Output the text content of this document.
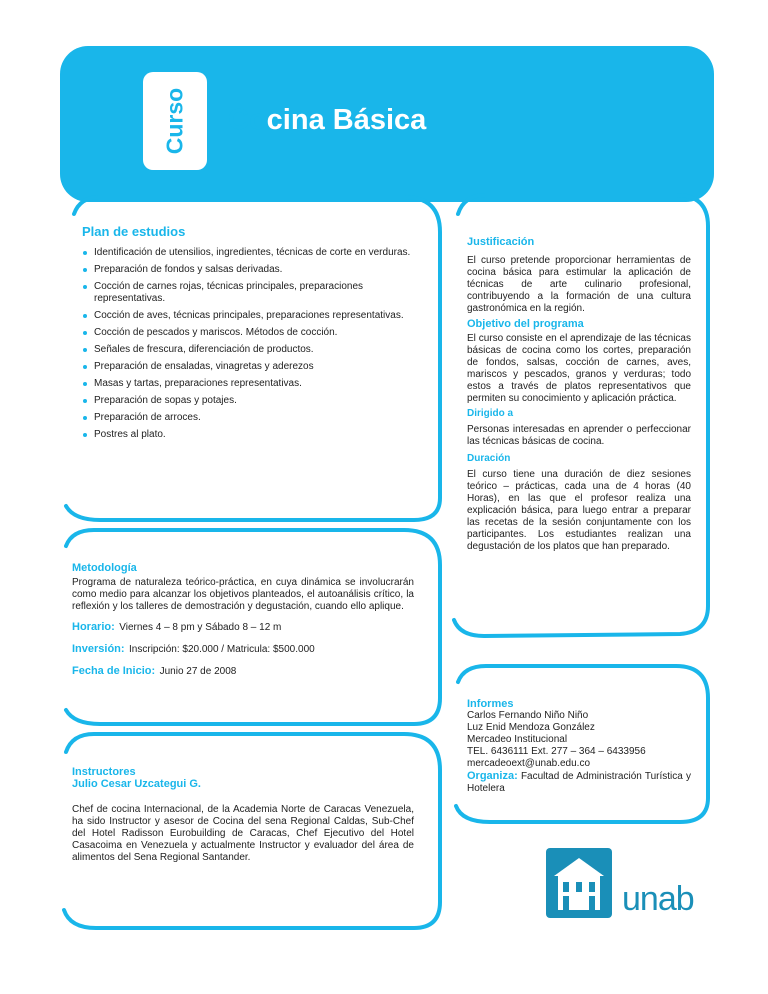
Curso Cocina Básica
Plan de estudios
Identificación de utensilios, ingredientes, técnicas de corte en verduras.
Preparación de fondos y salsas derivadas.
Cocción de carnes rojas, técnicas principales, preparaciones representativas.
Cocción de aves, técnicas principales, preparaciones representativas.
Cocción de pescados y mariscos. Métodos de cocción.
Señales de frescura, diferenciación de productos.
Preparación de ensaladas, vinagretas y aderezos
Masas y tartas, preparaciones representativas.
Preparación de sopas y potajes.
Preparación de arroces.
Postres al plato.
Metodología
Programa de naturaleza teórico-práctica, en cuya dinámica se involucrarán como medio para alcanzar los objetivos planteados, el autoanálisis crítico, la reflexión y los talleres de demostración y degustación, cuando ello aplique.
Horario: Viernes 4 – 8 pm y Sábado 8 – 12 m
Inversión: Inscripción: $20.000 / Matricula: $500.000
Fecha de Inicio: Junio 27 de 2008
Instructores
Julio Cesar Uzcategui G.
Chef de cocina Internacional, de la Academia Norte de Caracas Venezuela, ha sido Instructor y asesor de Cocina del sena Regional Caldas, Sub-Chef del Hotel Radisson Eurobuilding de Caracas, Chef Ejecutivo del Hotel Casacoima en Venezuela y actualmente Instructor y evaluador del área de alimentos del Sena Regional Santander.
Justificación
El curso pretende proporcionar herramientas de cocina básica para estimular la aplicación de técnicas de arte culinario profesional, contribuyendo a la formación de una cultura gastronómica en la región.
Objetivo del programa
El curso consiste en el aprendizaje de las técnicas básicas de cocina como los cortes, preparación de fondos, salsas, cocción de carnes, aves, mariscos y pescados, granos y verduras; todo estos a través de platos representativos que permiten su conocimiento y aplicación práctica.
Dirigido a
Personas interesadas en aprender o perfeccionar las técnicas básicas de cocina.
Duración
El curso tiene una duración de diez sesiones teórico – prácticas, cada una de 4 horas (40 Horas), en las que el profesor realiza una explicación básica, para luego entrar a preparar las recetas de la sesión conjuntamente con los participantes. Los estudiantes realizan una degustación de los platos que han preparado.
Informes
Carlos Fernando Niño Niño
Luz Enid Mendoza González
Mercadeo Institucional
TEL. 6436111 Ext. 277 – 364 – 6433956
mercadeoext@unab.edu.co
Organiza: Facultad de Administración Turística y Hotelera
unab
